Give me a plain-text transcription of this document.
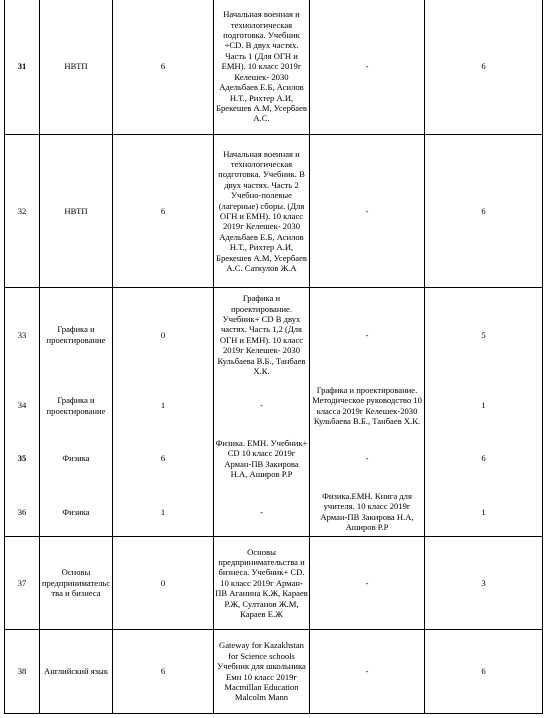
31	НВТП	6	Начальная военная и технологическая подготовка. Учебник +CD. В двух частях. Часть 1 (Для ОГН и ЕМН). 10 класс 2019г Келешек- 2030 Адельбаев Е.Б, Асилов Н.Т., Рихтер А.И, Брекешев А.М, Усербаев А.С.	-	6
32	НВТП	6	Начальная военная и технологическая подготовка. Учебник. В двух частях. Часть 2 Учебно-полевые (лагерные) сборы. (Для ОГН и ЕМН). 10 класс 2019г Келешек- 2030 Адельбаев Е.Б, Асилов Н.Т., Рихтер А.И, Брекешев А.М, Усербаев А.С. Саткулов Ж.А	-	6
33	Графика и проектирование	0	Графика и проектирование. Учебник+ CD В двух частях. Часть 1,2 (Для ОГН и ЕМН). 10 класс 2019г Келешек- 2030 Кульбаева В.Б., Танбаев Х.К.	-	5
34	Графика и проектирование	1	-	Графика и проектирование. Методическое руководство 10 класса 2019г Келешек-2030 Кульбаева В.Б., Танбаев Х.К.	1
35	Физика	6	Физика. ЕМН. Учебник+ CD 10 класс 2019г Арман-ПВ Закирова Н.А, Аширов Р.Р	-	6
36	Физика	1	-	Физика.ЕМН. Книга для учителя. 10 класс 2019г Арман-ПВ Закирова Н.А, Аширов Р.Р	1
37	Основы предпринимательства и бизнеса	0	Основы предпринимательства и бизнеса. Учебник+ CD. 10 класс 2019г Арман-ПВ Аганина К.Ж, Караев Р.Ж, Султанов Ж.М, Караев Е.Ж	-	3
38	Английский язык	6	Gateway for Kazakhstan for Science schools Учебник для школьника Емн 10 класс 2019г Macmillan Education Malcolm Mann	-	6
